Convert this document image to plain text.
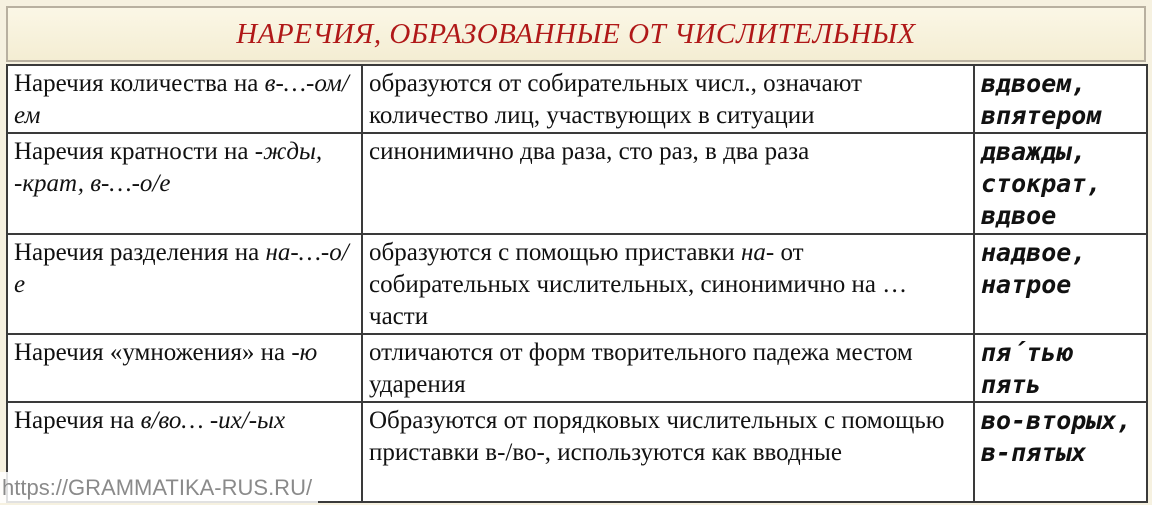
НАРЕЧИЯ, ОБРАЗОВАННЫЕ ОТ ЧИСЛИТЕЛЬНЫХ
Наречия количества на в-…-ом/ем	образуются от собирательных числ., означают количество лиц, участвующих в ситуации	вдвоем,
впятером

Наречия кратности на -жды, -крат, в-…-о/е	синонимично два раза, сто раз, в два раза	дважды,
стократ,
вдвое

Наречия разделения на на-…-о/е	образуются с помощью приставки на- от собирательных числительных, синонимично на … части	надвое,
натрое

Наречия «умножения» на -ю	отличаются от форм творительного падежа местом ударения	пя́тью пять

Наречия на в/во… -их/-ых	Образуются от порядковых числительных с помощью приставки в-/во-, используются как вводные	во-вторых,
в-пятых
https://GRAMMATIKA-RUS.RU/
